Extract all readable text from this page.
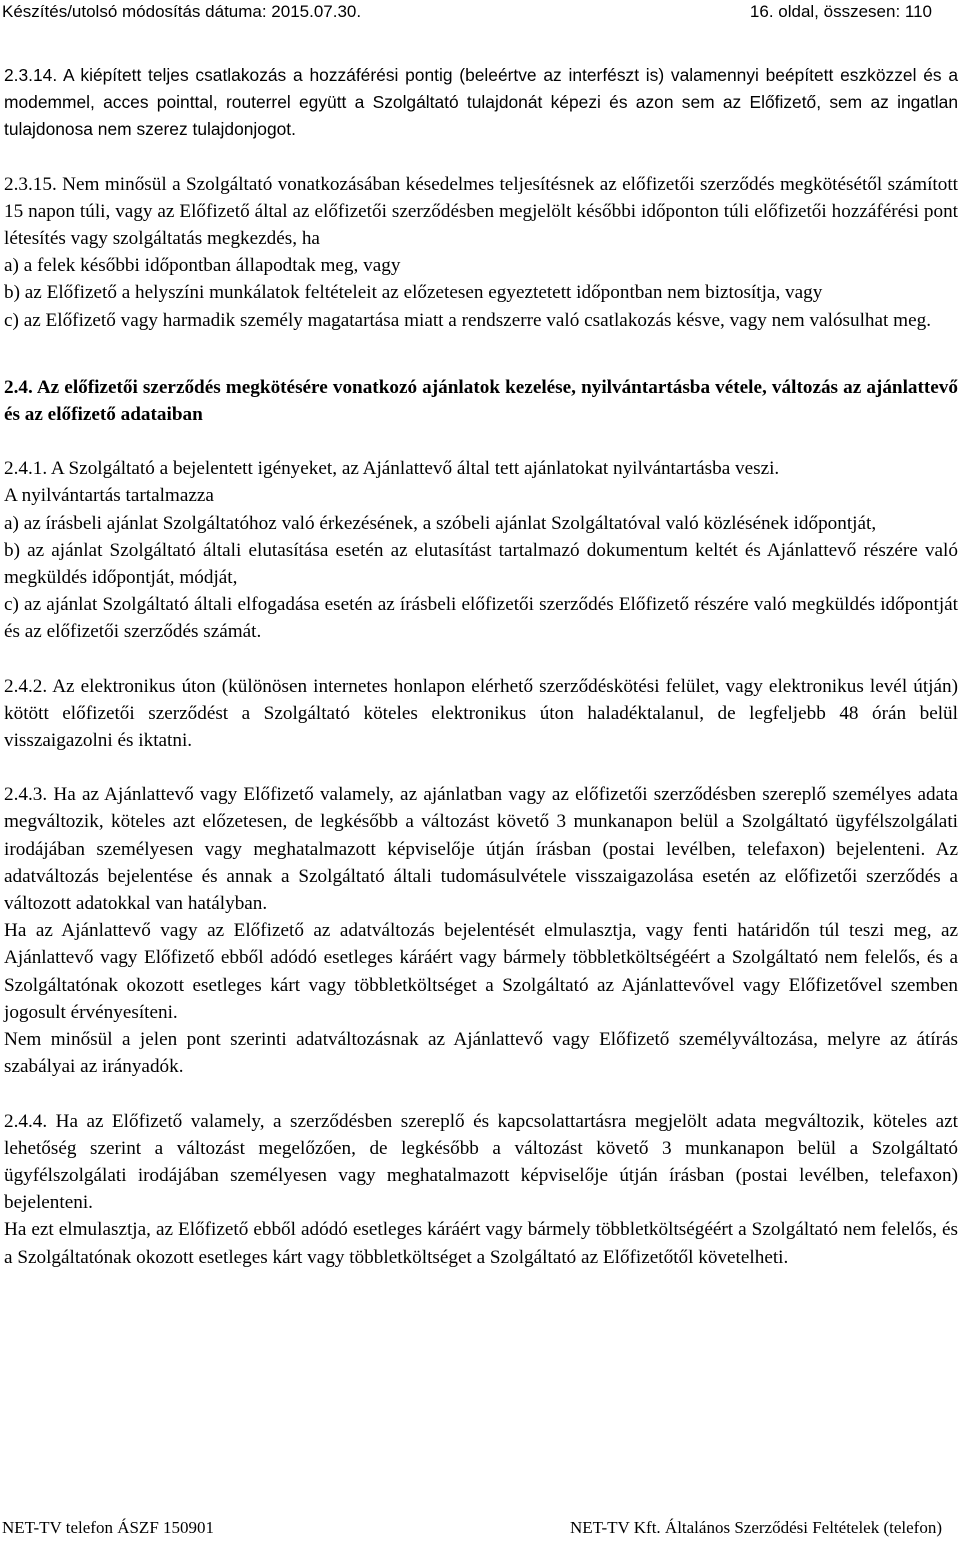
Készítés/utolsó módosítás dátuma: 2015.07.30.	16. oldal, összesen: 110

2.3.14. A kiépített teljes csatlakozás a hozzáférési pontig (beleértve az interfészt is) valamennyi beépített eszközzel és a modemmel, acces pointtal, routerrel együtt a Szolgáltató tulajdonát képezi és azon sem az Előfizető, sem az ingatlan tulajdonosa nem szerez tulajdonjogot.

2.3.15. Nem minősül a Szolgáltató vonatkozásában késedelmes teljesítésnek az előfizetői szerződés megkötésétől számított 15 napon túli, vagy az Előfizető által az előfizetői szerződésben megjelölt későbbi időponton túli előfizetői hozzáférési pont létesítés vagy szolgáltatás megkezdés, ha

a) a felek későbbi időpontban állapodtak meg, vagy

b) az Előfizető a helyszíni munkálatok feltételeit az előzetesen egyeztetett időpontban nem biztosítja, vagy

c) az Előfizető vagy harmadik személy magatartása miatt a rendszerre való csatlakozás késve, vagy nem valósulhat meg.

2.4. Az előfizetői szerződés megkötésére vonatkozó ajánlatok kezelése, nyilvántartásba vétele, változás az ajánlattevő és az előfizető adataiban

2.4.1. A Szolgáltató a bejelentett igényeket, az Ajánlattevő által tett ajánlatokat nyilvántartásba veszi.

A nyilvántartás tartalmazza

a) az írásbeli ajánlat Szolgáltatóhoz való érkezésének, a szóbeli ajánlat Szolgáltatóval való közlésének időpontját,

b) az ajánlat Szolgáltató általi elutasítása esetén az elutasítást tartalmazó dokumentum keltét és Ajánlattevő részére való megküldés időpontját, módját,

c) az ajánlat Szolgáltató általi elfogadása esetén az írásbeli előfizetői szerződés Előfizető részére való megküldés időpontját és az előfizetői szerződés számát.

2.4.2. Az elektronikus úton (különösen internetes honlapon elérhető szerződéskötési felület, vagy elektronikus levél útján) kötött előfizetői szerződést a Szolgáltató köteles elektronikus úton haladéktalanul, de legfeljebb 48 órán belül visszaigazolni és iktatni.

2.4.3. Ha az Ajánlattevő vagy Előfizető valamely, az ajánlatban vagy az előfizetői szerződésben szereplő személyes adata megváltozik, köteles azt előzetesen, de legkésőbb a változást követő 3 munkanapon belül a Szolgáltató ügyfélszolgálati irodájában személyesen vagy meghatalmazott képviselője útján írásban (postai levélben, telefaxon) bejelenteni. Az adatváltozás bejelentése és annak a Szolgáltató általi tudomásulvétele visszaigazolása esetén az előfizetői szerződés a változott adatokkal van hatályban.

Ha az Ajánlattevő vagy az Előfizető az adatváltozás bejelentését elmulasztja, vagy fenti határidőn túl teszi meg, az Ajánlattevő vagy Előfizető ebből adódó esetleges káráért vagy bármely többletköltségéért a Szolgáltató nem felelős, és a Szolgáltatónak okozott esetleges kárt vagy többletköltséget a Szolgáltató az Ajánlattevővel vagy Előfizetővel szemben jogosult érvényesíteni.

Nem minősül a jelen pont szerinti adatváltozásnak az Ajánlattevő vagy Előfizető személyváltozása, melyre az átírás szabályai az irányadók.

2.4.4. Ha az Előfizető valamely, a szerződésben szereplő és kapcsolattartásra megjelölt adata megváltozik, köteles azt lehetőség szerint a változást megelőzően, de legkésőbb a változást követő 3 munkanapon belül a Szolgáltató ügyfélszolgálati irodájában személyesen vagy meghatalmazott képviselője útján írásban (postai levélben, telefaxon) bejelenteni.

Ha ezt elmulasztja, az Előfizető ebből adódó esetleges káráért vagy bármely többletköltségéért a Szolgáltató nem felelős, és a Szolgáltatónak okozott esetleges kárt vagy többletköltséget a Szolgáltató az Előfizetőtől követelheti.

NET-TV telefon ÁSZF 150901	NET-TV Kft. Általános Szerződési Feltételek (telefon)
